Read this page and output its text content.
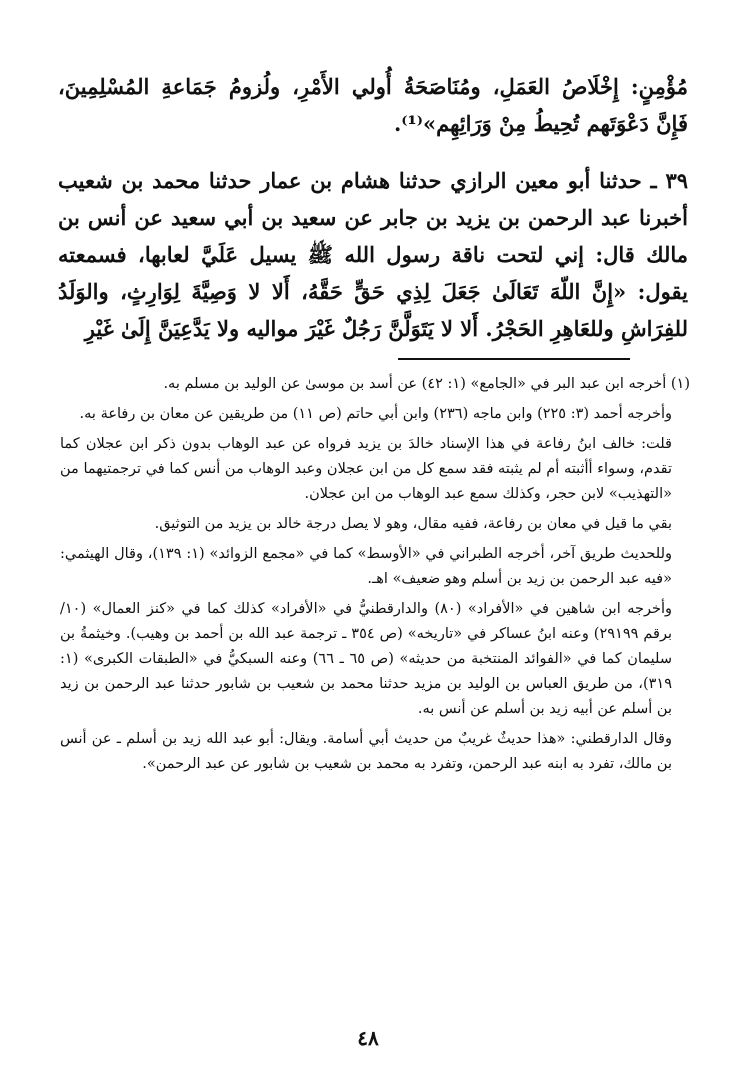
مُؤْمِنٍ: إِخْلَاصُ العَمَلِ، ومُنَاصَحَةُ أُولي الأَمْرِ، ولُزومُ جَمَاعةِ المُسْلِمِينَ، فَإِنَّ دَعْوَتَهم تُحِيطُ مِنْ وَرَائِهِم»⁽¹⁾.

٣٩ ـ حدثنا أبو معين الرازي حدثنا هشام بن عمار حدثنا محمد بن شعيب أخبرنا عبد الرحمن بن يزيد بن جابر عن سعيد بن أبي سعيد عن أنس بن مالك قال: إني لتحت ناقة رسول الله ﷺ يسيل عَلَيَّ لعابها، فسمعته يقول: «إِنَّ اللّهَ تَعَالَىٰ جَعَلَ لِذِي حَقٍّ حَقَّهُ، أَلا لا وَصِيَّةَ لِوَارِثٍ، والوَلَدُ للفِرَاشِ وللعَاهِرِ الحَجْرُ. أَلا لا يَتَوَلَّنَّ رَجُلٌ غَيْرَ مواليه ولا يَدَّعِيَنَّ إِلَىٰ غَيْرِ

(١) أخرجه ابن عبد البر في «الجامع» (١: ٤٢) عن أسد بن موسىٰ عن الوليد بن مسلم به.

وأخرجه أحمد (٣: ٢٢٥) وابن ماجه (٢٣٦) وابن أبي حاتم (ص ١١) من طريقين عن معان بن رفاعة به.

قلت: خالف ابنُ رفاعة في هذا الإسناد خالدَ بن يزيد فرواه عن عبد الوهاب بدون ذكر ابن عجلان كما تقدم، وسواء أأثبته أم لم يثبته فقد سمع كل من ابن عجلان وعبد الوهاب من أنس كما في ترجمتيهما من «التهذيب» لابن حجر، وكذلك سمع عبد الوهاب من ابن عجلان.

بقي ما قيل في معان بن رفاعة، ففيه مقال، وهو لا يصل درجة خالد بن يزيد من التوثيق.

وللحديث طريق آخر، أخرجه الطبراني في «الأوسط» كما في «مجمع الزوائد» (١: ١٣٩)، وقال الهيثمي: «فيه عبد الرحمن بن زيد بن أسلم وهو ضعيف» اهـ.

وأخرجه ابن شاهين في «الأفراد» (٨٠) والدارقطنيُّ في «الأفراد» كذلك كما في «كنز العمال» (١٠/ برقم ٢٩١٩٩) وعنه ابنُ عساكر في «تاريخه» (ص ٣٥٤ ـ ترجمة عبد الله بن أحمد بن وهيب). وخيثمةُ بن سليمان كما في «الفوائد المنتخبة من حديثه» (ص ٦٥ ـ ٦٦) وعنه السبكيُّ في «الطبقات الكبرى» (١: ٣١٩)، من طريق العباس بن الوليد بن مزيد حدثنا محمد بن شعيب بن شابور حدثنا عبد الرحمن بن زيد بن أسلم عن أبيه زيد بن أسلم عن أنس به.

وقال الدارقطني: «هذا حديثٌ غريبٌ من حديث أبي أسامة. ويقال: أبو عبد الله زيد بن أسلم ـ عن أنس بن مالك، تفرد به ابنه عبد الرحمن، وتفرد به محمد بن شعيب بن شابور عن عبد الرحمن».

٤٨
